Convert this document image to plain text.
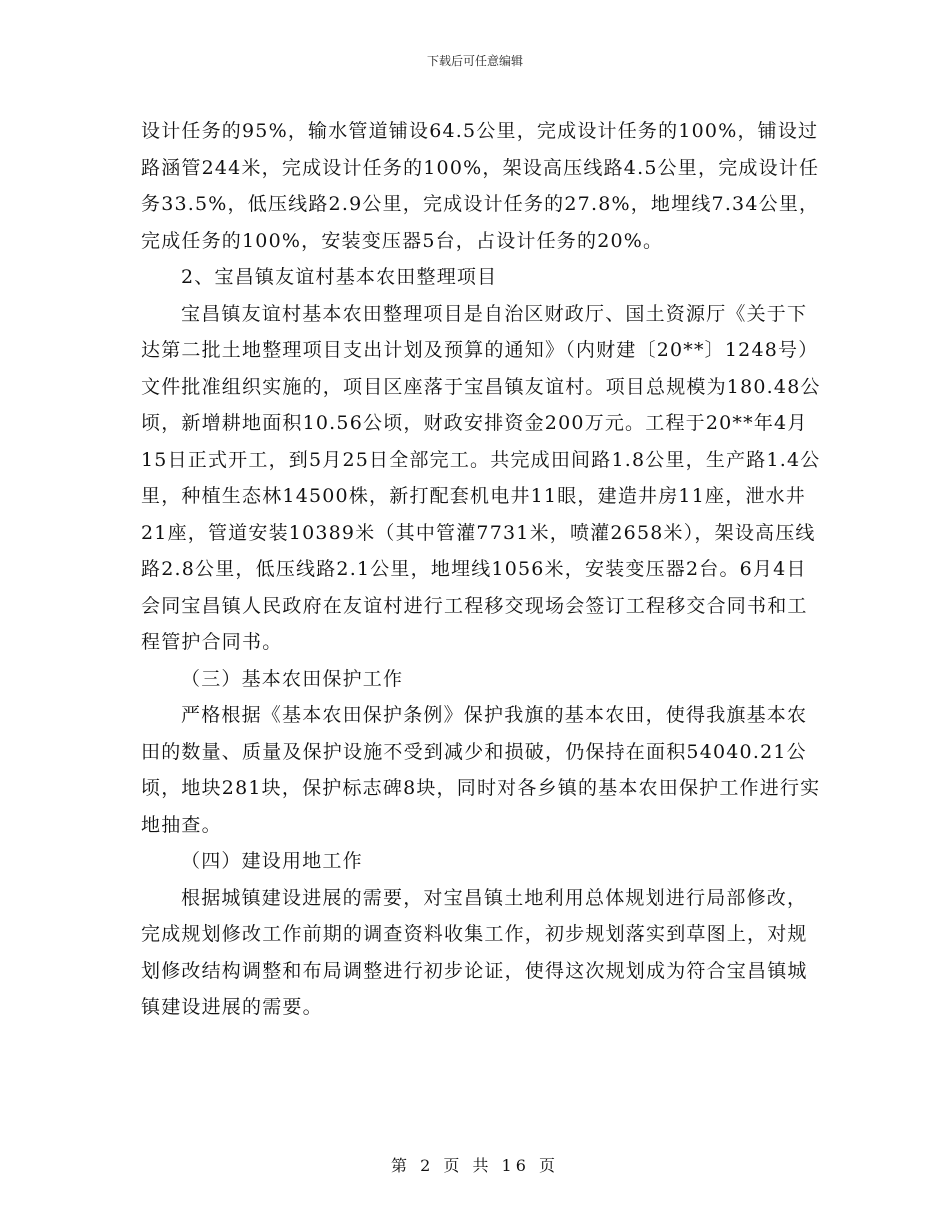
下载后可任意编辑

设计任务的95%，输水管道铺设64.5公里，完成设计任务的100%，铺设过路涵管244米，完成设计任务的100%，架设高压线路4.5公里，完成设计任务33.5%，低压线路2.9公里，完成设计任务的27.8%，地埋线7.34公里，完成任务的100%，安装变压器5台，占设计任务的20%。

2、宝昌镇友谊村基本农田整理项目

宝昌镇友谊村基本农田整理项目是自治区财政厅、国土资源厅《关于下达第二批土地整理项目支出计划及预算的通知》（内财建〔20**〕1248号）文件批准组织实施的，项目区座落于宝昌镇友谊村。项目总规模为180.48公顷，新增耕地面积10.56公顷，财政安排资金200万元。工程于20**年4月15日正式开工，到5月25日全部完工。共完成田间路1.8公里，生产路1.4公里，种植生态林14500株，新打配套机电井11眼，建造井房11座，泄水井21座，管道安装10389米（其中管灌7731米，喷灌2658米），架设高压线路2.8公里，低压线路2.1公里，地埋线1056米，安装变压器2台。6月4日会同宝昌镇人民政府在友谊村进行工程移交现场会签订工程移交合同书和工程管护合同书。

（三）基本农田保护工作

严格根据《基本农田保护条例》保护我旗的基本农田，使得我旗基本农田的数量、质量及保护设施不受到减少和损破，仍保持在面积54040.21公顷，地块281块，保护标志碑8块，同时对各乡镇的基本农田保护工作进行实地抽查。

（四）建设用地工作

根据城镇建设进展的需要，对宝昌镇土地利用总体规划进行局部修改，完成规划修改工作前期的调查资料收集工作，初步规划落实到草图上，对规划修改结构调整和布局调整进行初步论证，使得这次规划成为符合宝昌镇城镇建设进展的需要。

第 2 页 共 16 页
